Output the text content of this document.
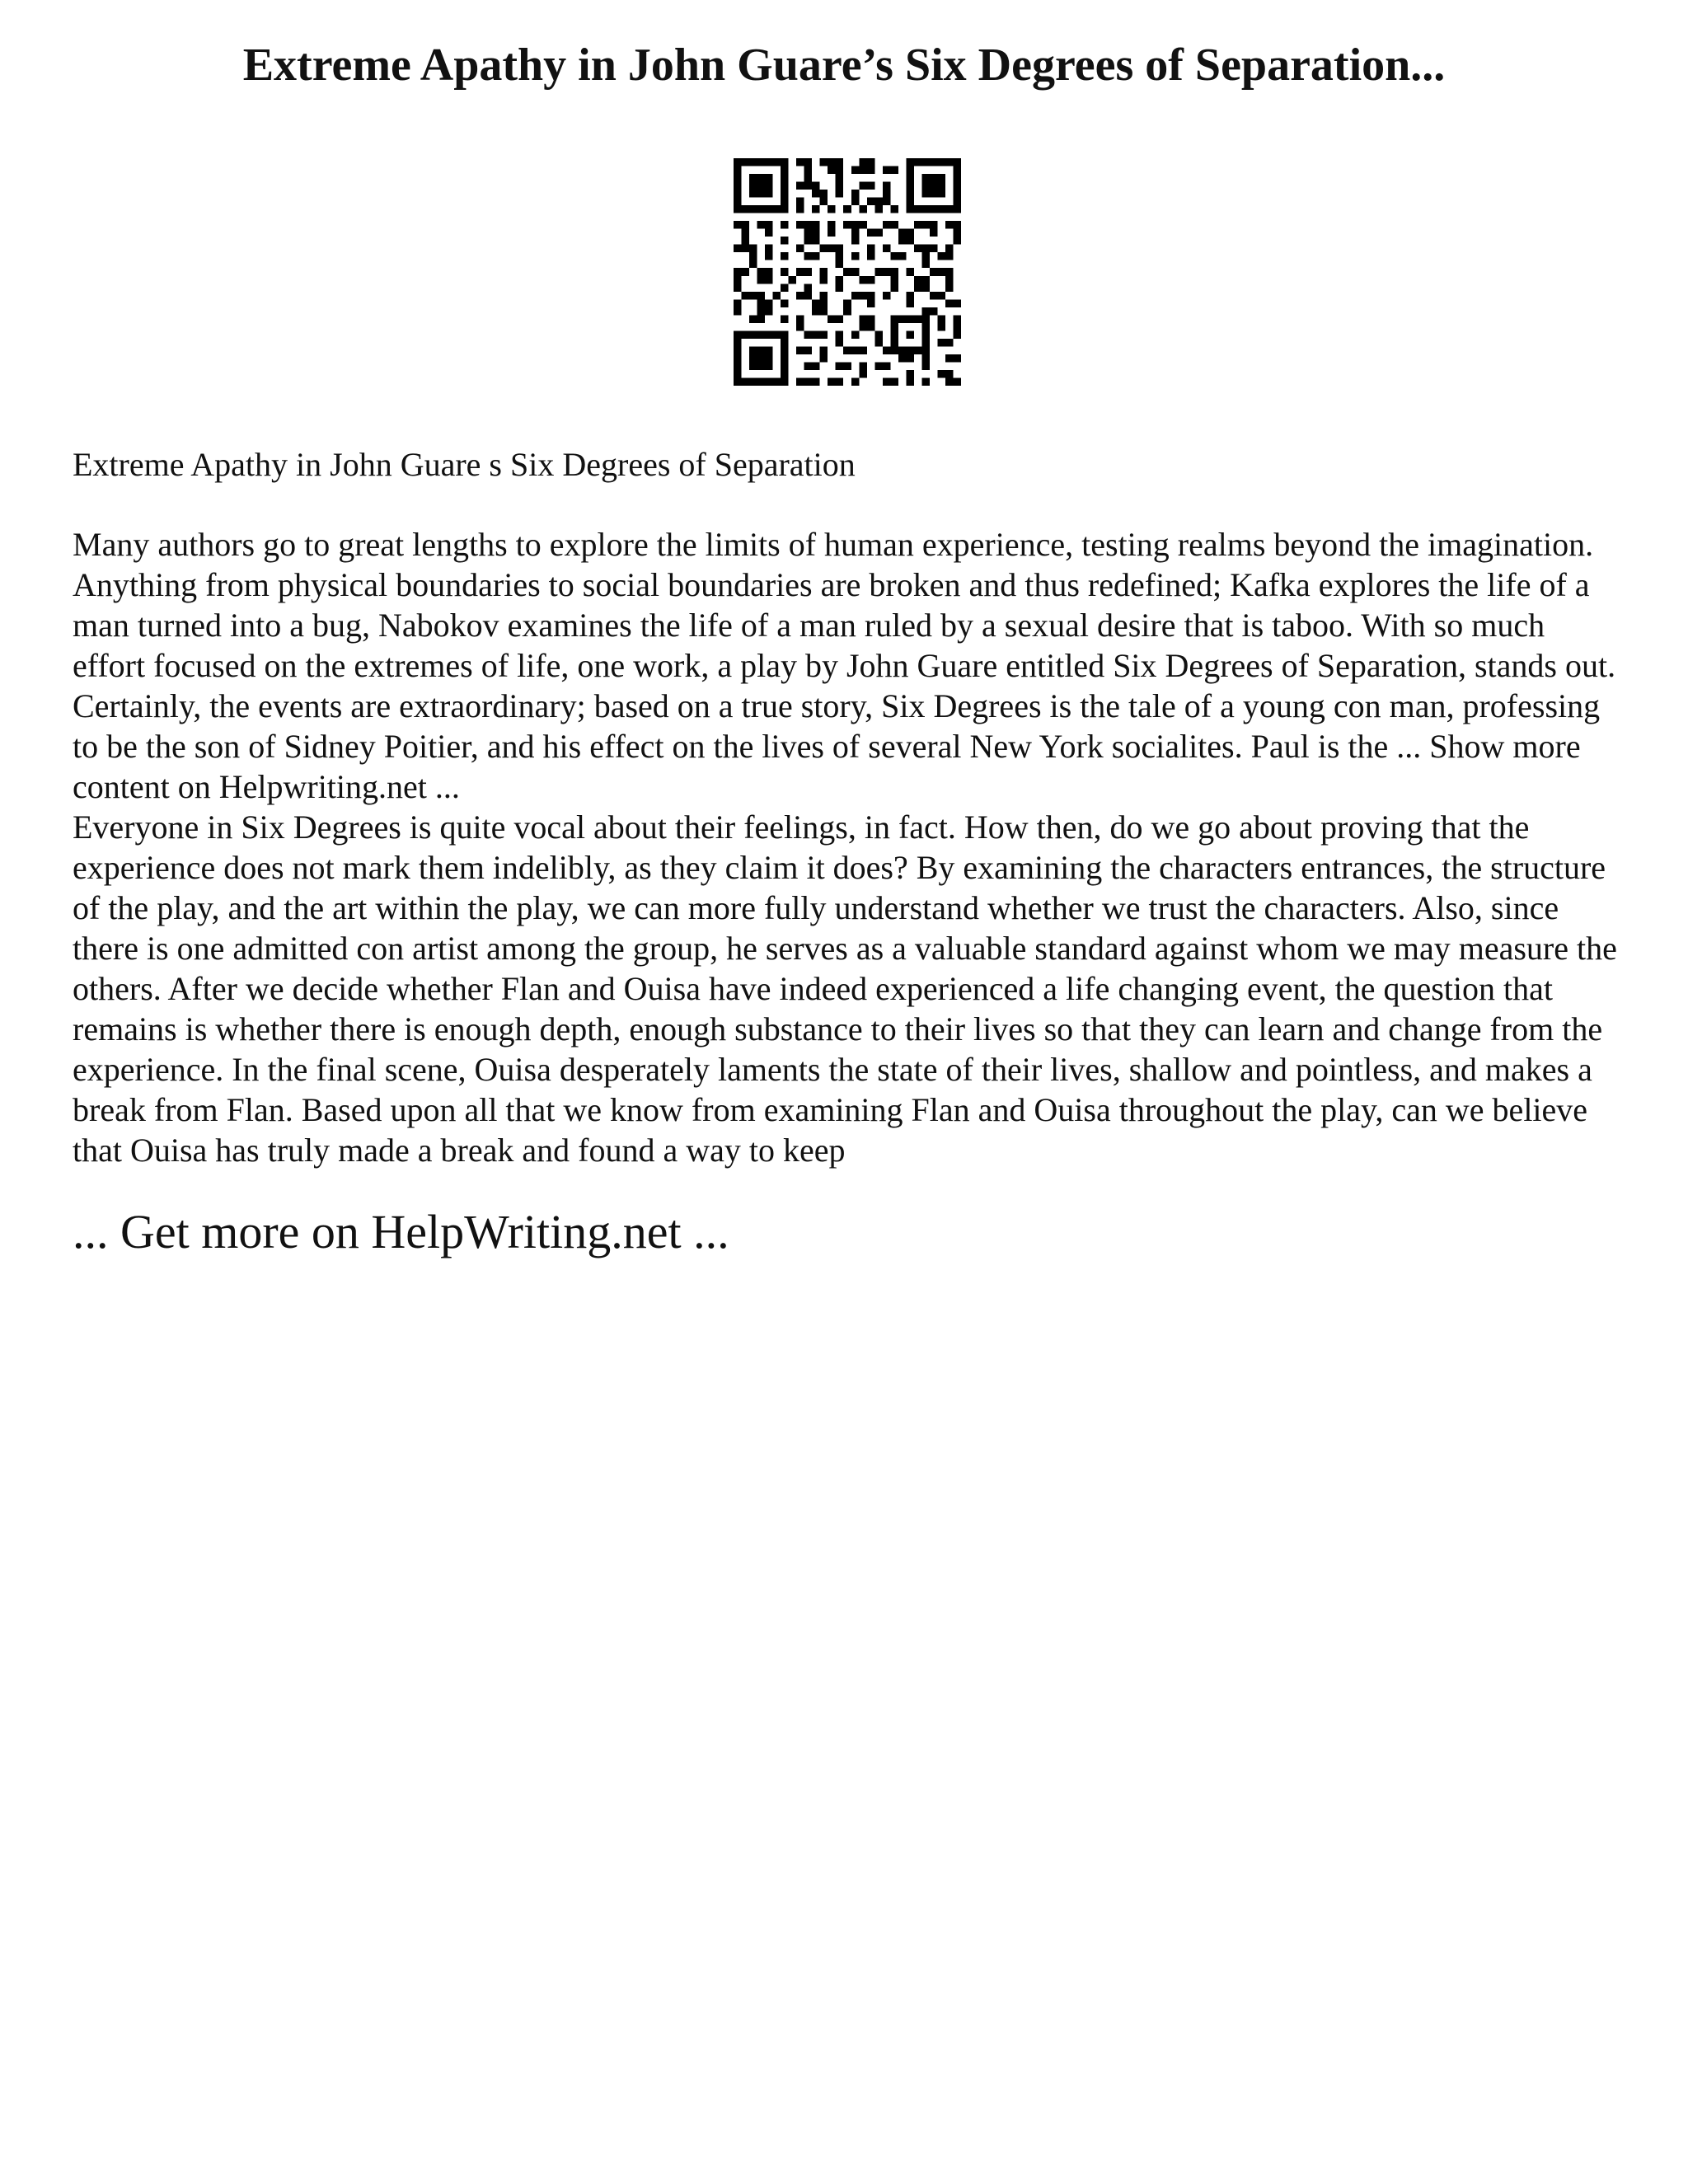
Extreme Apathy in John Guare’s Six Degrees of Separation...

Extreme Apathy in John Guare s Six Degrees of Separation

Many authors go to great lengths to explore the limits of human experience, testing realms beyond the imagination. Anything from physical boundaries to social boundaries are broken and thus redefined; Kafka explores the life of a man turned into a bug, Nabokov examines the life of a man ruled by a sexual desire that is taboo. With so much effort focused on the extremes of life, one work, a play by John Guare entitled Six Degrees of Separation, stands out. Certainly, the events are extraordinary; based on a true story, Six Degrees is the tale of a young con man, professing to be the son of Sidney Poitier, and his effect on the lives of several New York socialites. Paul is the ... Show more content on Helpwriting.net ...

Everyone in Six Degrees is quite vocal about their feelings, in fact. How then, do we go about proving that the experience does not mark them indelibly, as they claim it does? By examining the characters entrances, the structure of the play, and the art within the play, we can more fully understand whether we trust the characters. Also, since there is one admitted con artist among the group, he serves as a valuable standard against whom we may measure the others. After we decide whether Flan and Ouisa have indeed experienced a life changing event, the question that remains is whether there is enough depth, enough substance to their lives so that they can learn and change from the experience. In the final scene, Ouisa desperately laments the state of their lives, shallow and pointless, and makes a break from Flan. Based upon all that we know from examining Flan and Ouisa throughout the play, can we believe that Ouisa has truly made a break and found a way to keep

... Get more on HelpWriting.net ...
